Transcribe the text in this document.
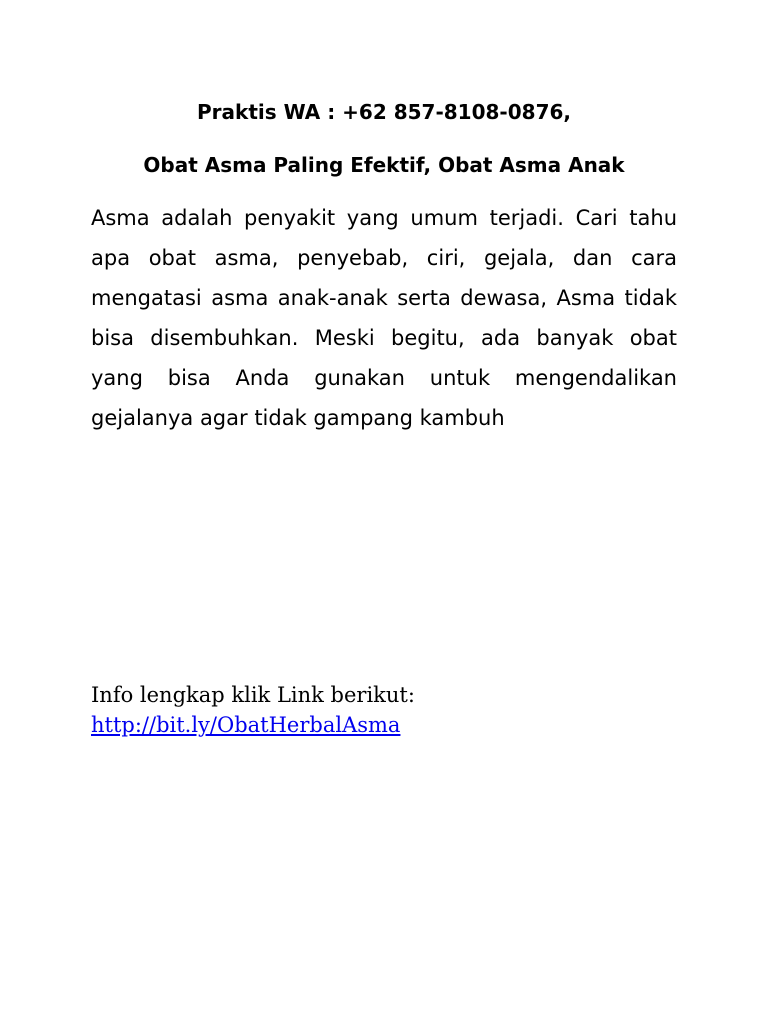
Praktis WA : +62 857-8108-0876,
Obat Asma Paling Efektif, Obat Asma Anak

Asma adalah penyakit yang umum terjadi. Cari tahu apa obat asma, penyebab, ciri, gejala, dan cara mengatasi asma anak-anak serta dewasa, Asma tidak bisa disembuhkan. Meski begitu, ada banyak obat yang bisa Anda gunakan untuk mengendalikan gejalanya agar tidak gampang kambuh

Info lengkap klik Link berikut:
http://bit.ly/ObatHerbalAsma
